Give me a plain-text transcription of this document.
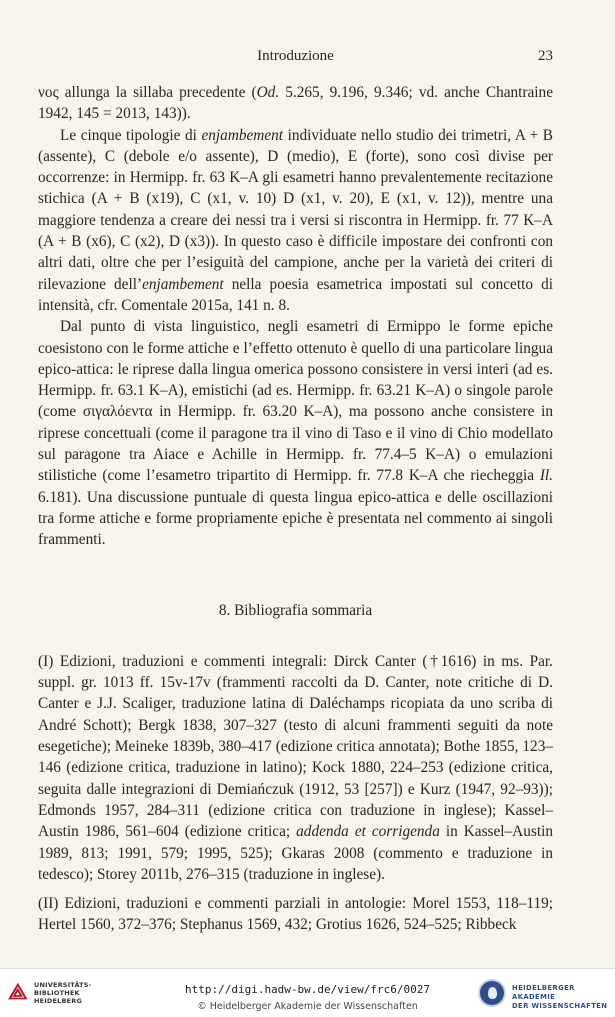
Introduzione	23

νος allunga la sillaba precedente (Od. 5.265, 9.196, 9.346; vd. anche Chantraine 1942, 145 = 2013, 143)).

Le cinque tipologie di enjambement individuate nello studio dei trimetri, A + B (assente), C (debole e/o assente), D (medio), E (forte), sono così divise per occorrenze: in Hermipp. fr. 63 K–A gli esametri hanno prevalentemente recitazione stichica (A + B (x19), C (x1, v. 10) D (x1, v. 20), E (x1, v. 12)), mentre una maggiore tendenza a creare dei nessi tra i versi si riscontra in Hermipp. fr. 77 K–A (A + B (x6), C (x2), D (x3)). In questo caso è difficile impostare dei confronti con altri dati, oltre che per l’esiguità del campione, anche per la varietà dei criteri di rilevazione dell’enjambement nella poesia esametrica impostati sul concetto di intensità, cfr. Comentale 2015a, 141 n. 8.

Dal punto di vista linguistico, negli esametri di Ermippo le forme epiche coesistono con le forme attiche e l’effetto ottenuto è quello di una particolare lingua epico-attica: le riprese dalla lingua omerica possono consistere in versi interi (ad es. Hermipp. fr. 63.1 K–A), emistichi (ad es. Hermipp. fr. 63.21 K–A) o singole parole (come σιγαλόεντα in Hermipp. fr. 63.20 K–A), ma possono anche consistere in riprese concettuali (come il paragone tra il vino di Taso e il vino di Chio modellato sul paragone tra Aiace e Achille in Hermipp. fr. 77.4–5 K–A) o emulazioni stilistiche (come l’esametro tripartito di Hermipp. fr. 77.8 K–A che riecheggia Il. 6.181). Una discussione puntuale di questa lingua epico-attica e delle oscillazioni tra forme attiche e forme propriamente epiche è presentata nel commento ai singoli frammenti.

8. Bibliografia sommaria

(I) Edizioni, traduzioni e commenti integrali: Dirck Canter (†1616) in ms. Par. suppl. gr. 1013 ff. 15v-17v (frammenti raccolti da D. Canter, note critiche di D. Canter e J.J. Scaliger, traduzione latina di Daléchamps ricopiata da uno scriba di André Schott); Bergk 1838, 307–327 (testo di alcuni frammenti seguiti da note esegetiche); Meineke 1839b, 380–417 (edizione critica annotata); Bothe 1855, 123–146 (edizione critica, traduzione in latino); Kock 1880, 224–253 (edizione critica, seguita dalle integrazioni di Demiańczuk (1912, 53 [257]) e Kurz (1947, 92–93)); Edmonds 1957, 284–311 (edizione critica con traduzione in inglese); Kassel–Austin 1986, 561–604 (edizione critica; addenda et corrigenda in Kassel–Austin 1989, 813; 1991, 579; 1995, 525); Gkaras 2008 (commento e traduzione in tedesco); Storey 2011b, 276–315 (traduzione in inglese).

(II) Edizioni, traduzioni e commenti parziali in antologie: Morel 1553, 118–119; Hertel 1560, 372–376; Stephanus 1569, 432; Grotius 1626, 524–525; Ribbeck

⟁ UNIVERSITÄTS-
BIBLIOTHEK
HEIDELBERG
http://digi.hadw-bw.de/view/frc6/0027
© Heidelberger Akademie der Wissenschaften
HEIDELBERGER AKADEMIE
DER WISSENSCHAFTEN
